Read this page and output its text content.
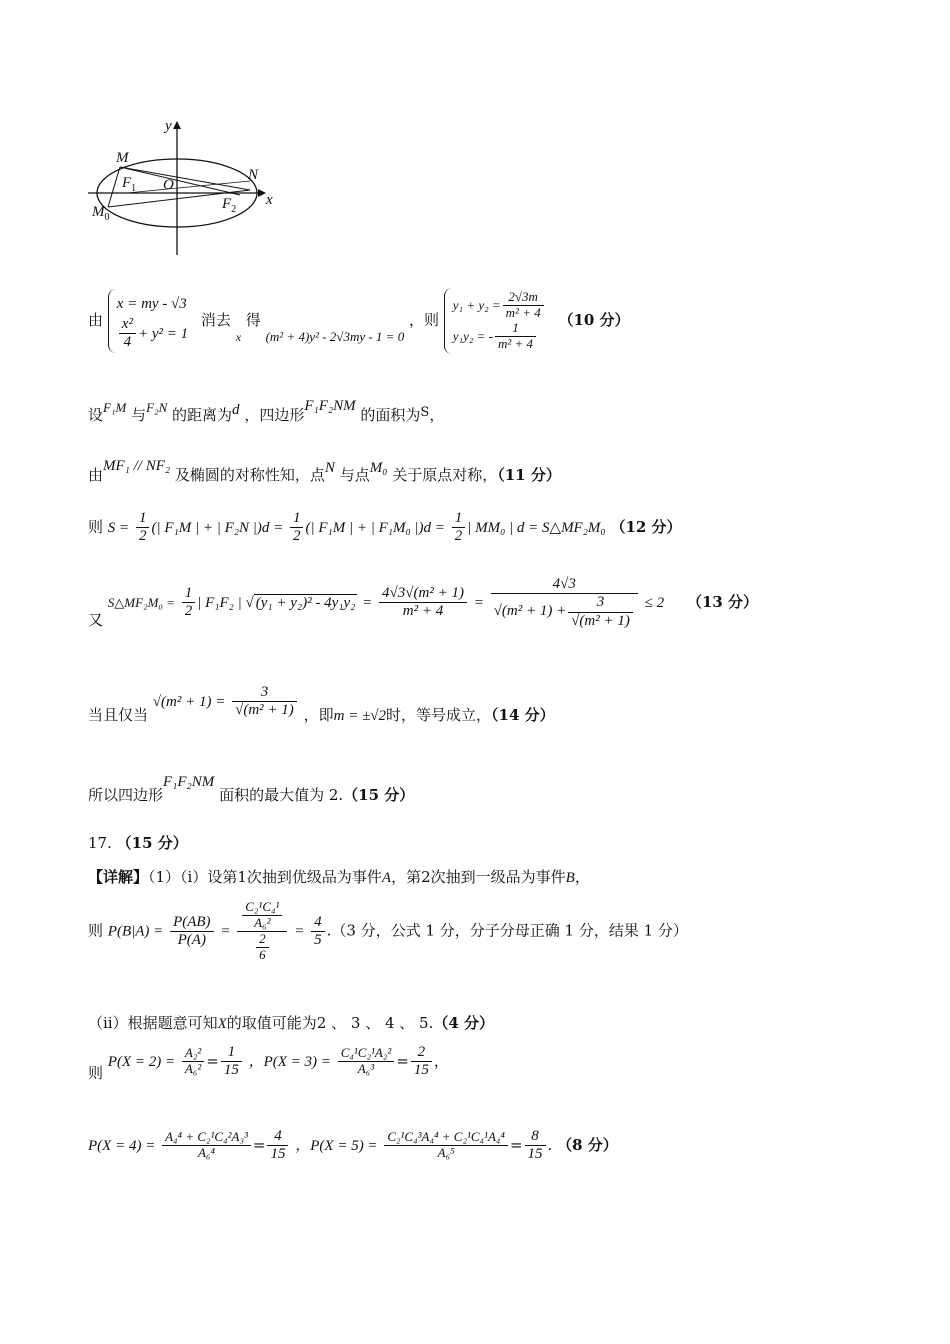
y
x
M
N
$F_1$ O
$M_0$
$F_2$
由 x = my - √3

$\frac{\text{x²}}{4} + y^2 = 1$ 消去 $_x$ 得 (m² + 4)y² - 2√3my - 1 = 0 ，则 $y_1 + y_2 = \frac{2√3m}{\text{m² + 4}}$

y₁y₂ = - $\frac{1}{\text{m² + 4}}$
（10 分）
设F₁M 与F₂N 的距离为d ，四边形F₁F₂NM 的面积为S，
由MF₁ // NF₂ 及椭圆的对称性知，点N 与点M₀ 关于原点对称，（11 分）
则 $S = \frac{1}{2}$ (| F₁M | + | F₂N $|)d = \frac{1}{2}$ (| F₁M | + | F₁M₀ $|)d = \frac{1}{2}$ | MM₀ | d = S△MF₂M₀ （12 分）
又 S△MF₂M₀ = $\frac{1}{2}$ | F₁F₂ | √ $(y_1 + y_2)^2 - 4y_1y_2 = \frac{\text{4√3√(m² + 1)}}{\text{m² + 4}} = \frac{4√3}{√(m^2 + 1) + \frac{3}{\text{√(m² + 1)}}} \le 2$ （13 分）
当且仅当 $√(m^2 + 1) = \frac{3}{\text{√(m² + 1)}}$ ，即m = ±√2时，等号成立，（14 分）
所以四边形F₁F₂NM 面积的最大值为 2.（15 分）
17. （15 分）
【详解】（1）（ⅰ）设第1次抽到优级品为事件A，第2次抽到一级品为事件B，
则 $P(B|A) = \frac{P(AB)}{P(A)} = \frac{\frac{\text{C₂¹C₄¹}}{\text{A₆²}}}{\frac{2}{6}} = \frac{4}{5} .(3$ 分，公式 1 分，分子分母正确 1 分，结果 1 分）
（ⅱ）根据题意可知X的取值可能为2 、 3 、 4 、 5.（4 分）
则 $P(X = 2) = \frac{\text{A₂²}}{\text{A₆²}} = \frac{1}{15}$ ，$P(X = 3) = \frac{\text{C₄¹C₂¹A₂²}}{\text{A₆³}} = \frac{2}{15}$ ，
$P(X = 4) = \frac{\text{A₄⁴ + C₂¹C₄²A₃³}}{\text{A₆⁴}} = \frac{4}{15}$ ，$P(X = 5) = \frac{\text{C₂¹C₄³A₄⁴ + C₂¹C₄¹A₄⁴}}{\text{A₆⁵}} = \frac{8}{15}$ . （8 分）
